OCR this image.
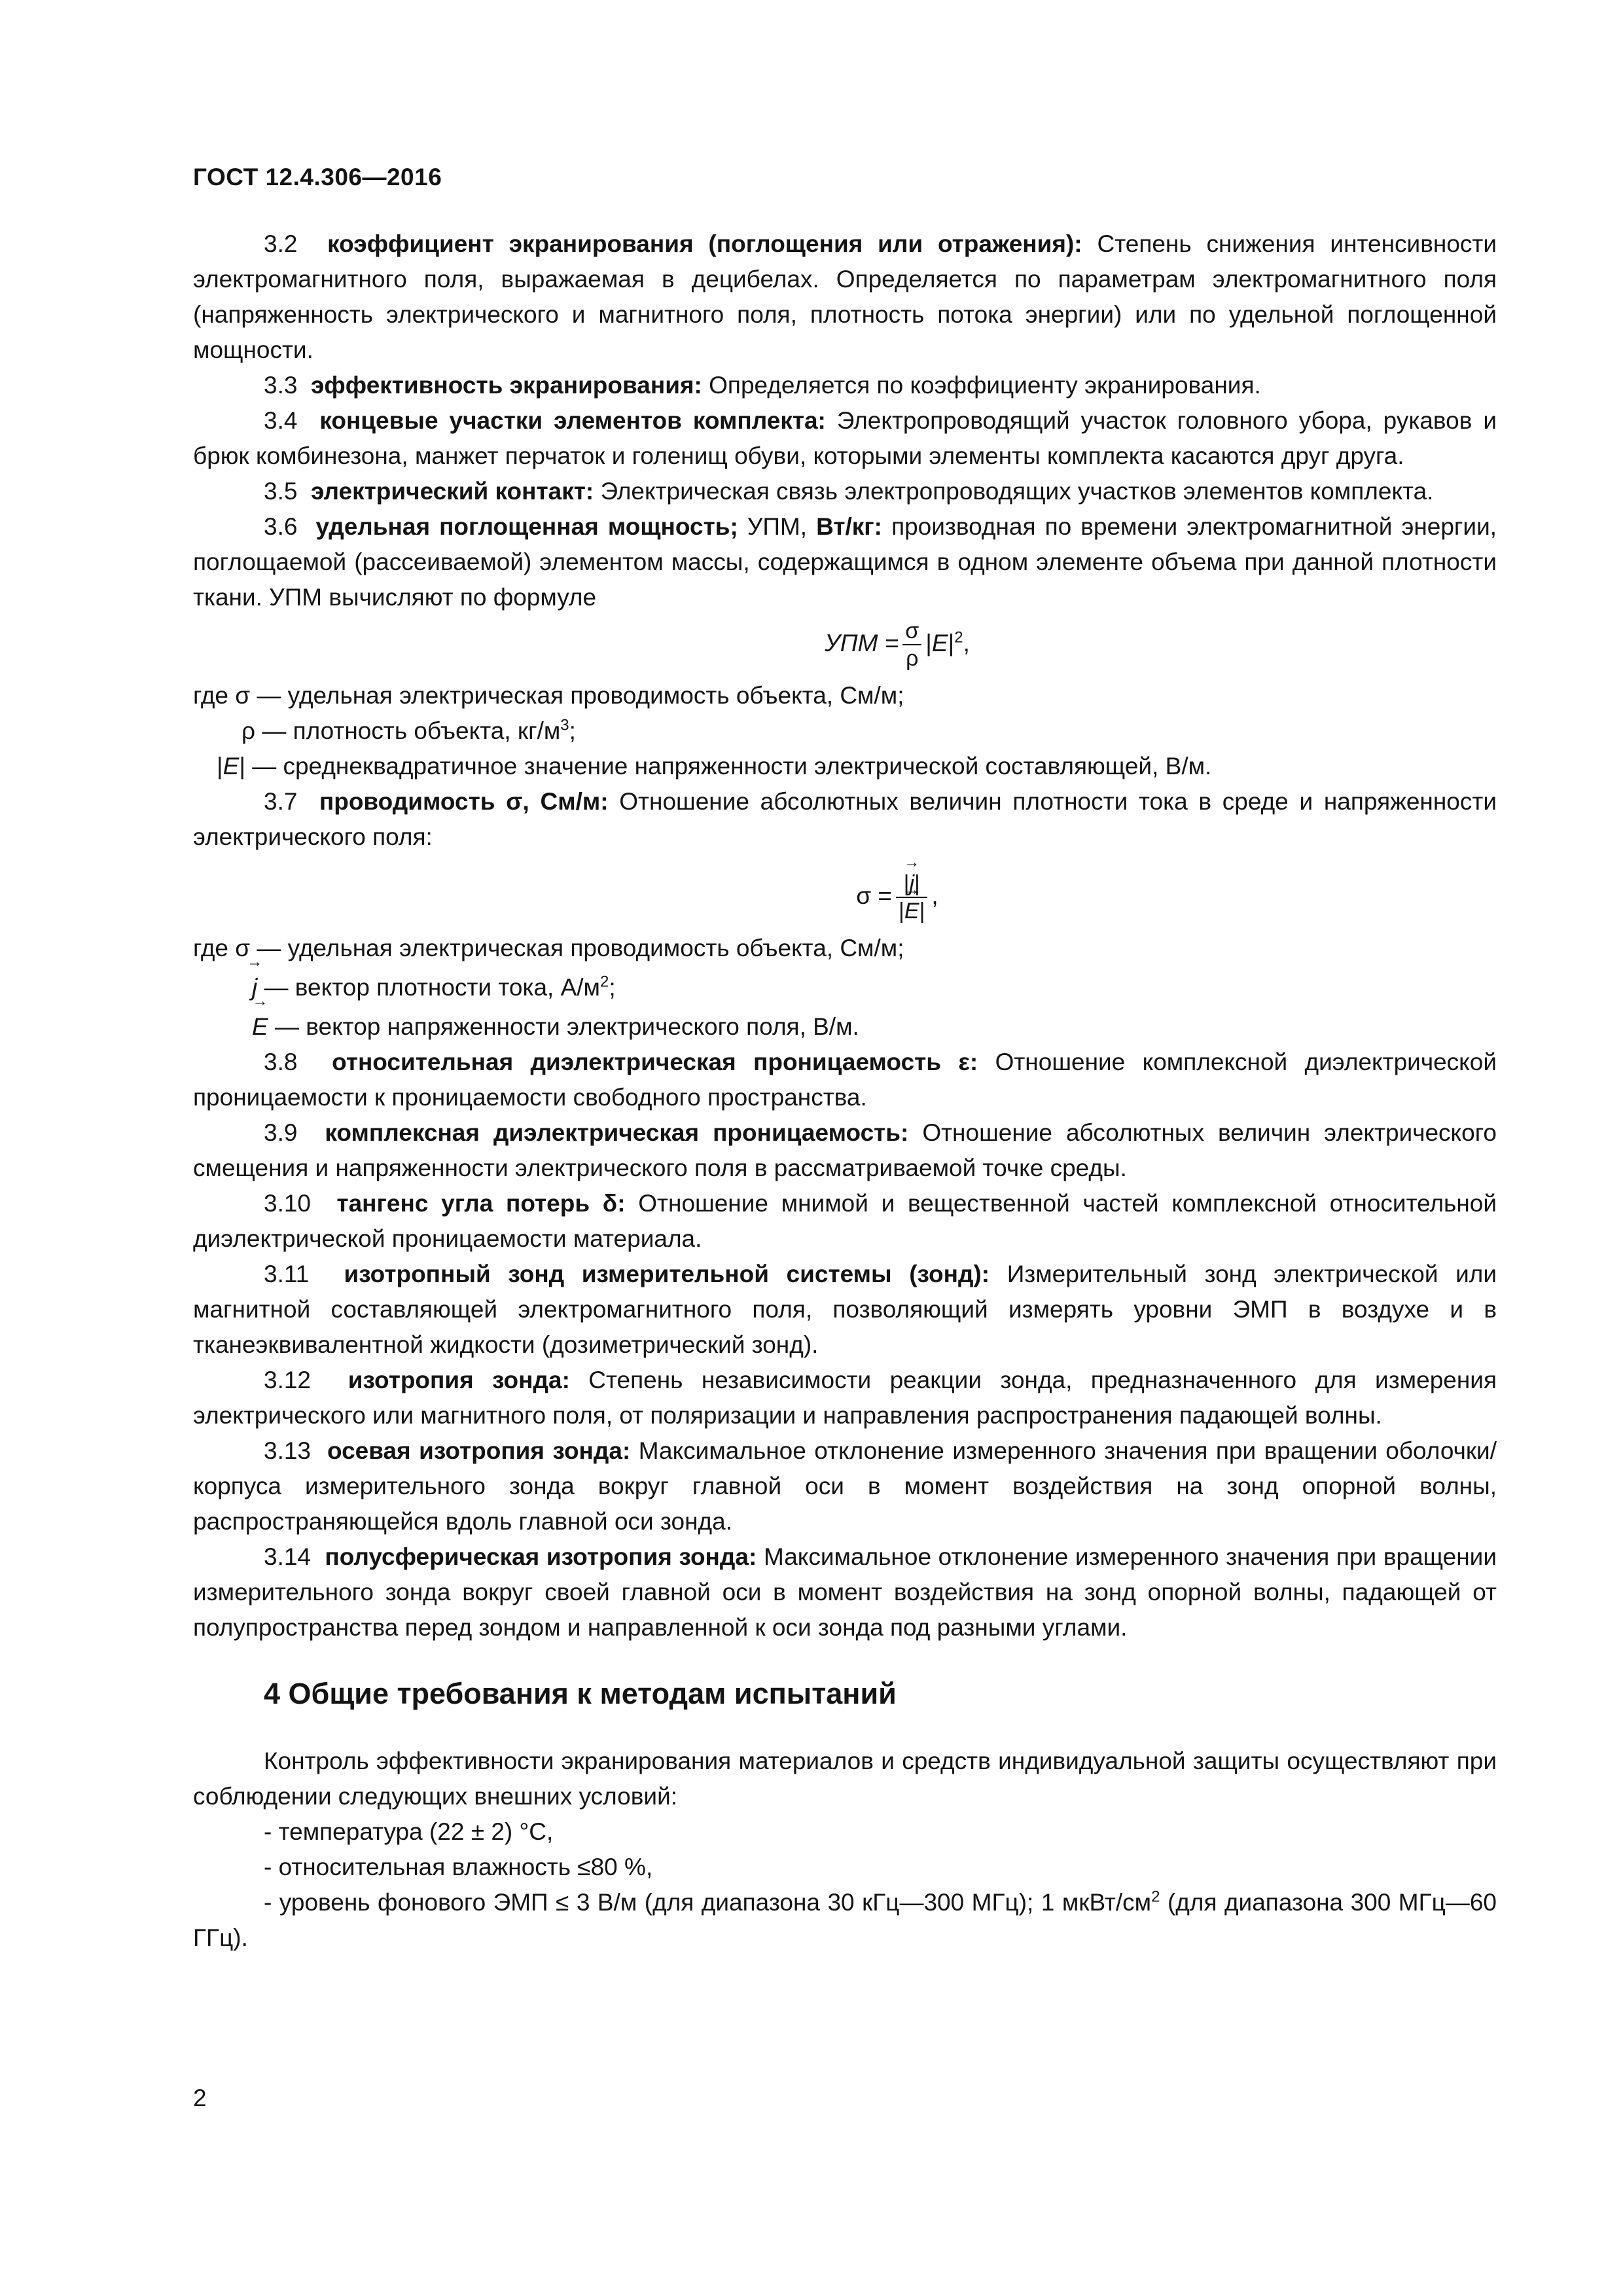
ГОСТ 12.4.306—2016

3.2 коэффициент экранирования (поглощения или отражения): Степень снижения интенсивности электромагнитного поля, выражаемая в децибелах. Определяется по параметрам электромагнитного поля (напряженность электрического и магнитного поля, плотность потока энергии) или по удельной поглощенной мощности.

3.3 эффективность экранирования: Определяется по коэффициенту экранирования.

3.4 концевые участки элементов комплекта: Электропроводящий участок головного убора, рукавов и брюк комбинезона, манжет перчаток и голенищ обуви, которыми элементы комплекта касаются друг друга.

3.5 электрический контакт: Электрическая связь электропроводящих участков элементов комплекта.

3.6 удельная поглощенная мощность; УПМ, Вт/кг: производная по времени электромагнитной энергии, поглощаемой (рассеиваемой) элементом массы, содержащимся в одном элементе объема при данной плотности ткани. УПМ вычисляют по формуле

УПМ = $\frac{\sigma}{\rho} |E|^2$,

где σ — удельная электрическая проводимость объекта, См/м;

ρ — плотность объекта, $кг/м^3$;

|E| — среднеквадратичное значение напряженности электрической составляющей, В/м.

3.7 проводимость σ, См/м: Отношение абсолютных величин плотности тока в среде и напряженности электрического поля:

$\sigma = \frac{|\to j|}{|\to E|}$ ,

где σ — удельная электрическая проводимость объекта, См/м;

→ j — вектор плотности тока, $А/м^2$;

→ E — вектор напряженности электрического поля, В/м.

3.8 относительная диэлектрическая проницаемость ε: Отношение комплексной диэлектрической проницаемости к проницаемости свободного пространства.

3.9 комплексная диэлектрическая проницаемость: Отношение абсолютных величин электрического смещения и напряженности электрического поля в рассматриваемой точке среды.

3.10 тангенс угла потерь δ: Отношение мнимой и вещественной частей комплексной относительной диэлектрической проницаемости материала.

3.11 изотропный зонд измерительной системы (зонд): Измерительный зонд электрической или магнитной составляющей электромагнитного поля, позволяющий измерять уровни ЭМП в воздухе и в тканеэквивалентной жидкости (дозиметрический зонд).

3.12 изотропия зонда: Степень независимости реакции зонда, предназначенного для измерения электрического или магнитного поля, от поляризации и направления распространения падающей волны.

3.13 осевая изотропия зонда: Максимальное отклонение измеренного значения при вращении оболочки/корпуса измерительного зонда вокруг главной оси в момент воздействия на зонд опорной волны, распространяющейся вдоль главной оси зонда.

3.14 полусферическая изотропия зонда: Максимальное отклонение измеренного значения при вращении измерительного зонда вокруг своей главной оси в момент воздействия на зонд опорной волны, падающей от полупространства перед зондом и направленной к оси зонда под разными углами.

4 Общие требования к методам испытаний

Контроль эффективности экранирования материалов и средств индивидуальной защиты осуществляют при соблюдении следующих внешних условий:

- температура (22 ± 2) °С,

- относительная влажность ≤80 %,

- уровень фонового ЭМП ≤ 3 В/м (для диапазона 30 кГц—300 МГц); 1 мкВт/$см^2$ (для диапазона 300 МГц—60 ГГц).

2
